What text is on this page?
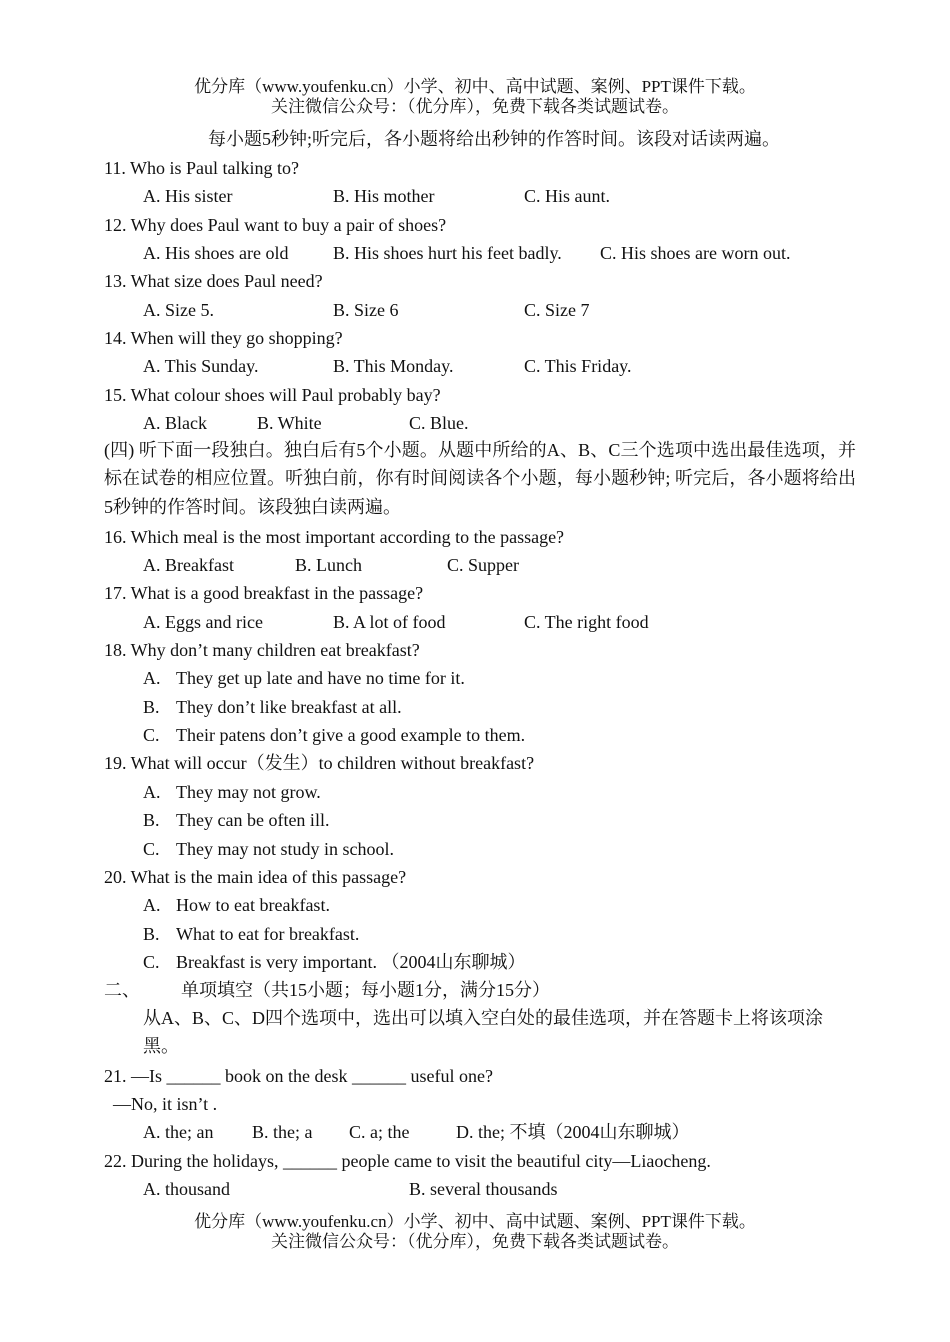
优分库（www.youfenku.cn）小学、初中、高中试题、案例、PPT课件下载。
关注微信公众号：（优分库），免费下载各类试题试卷。
每小题5秒钟;听完后，各小题将给出秒钟的作答时间。该段对话读两遍。
11. Who is Paul talking to?
A. His sister	B. His mother	C. His aunt.
12. Why does Paul want to buy a pair of shoes?
A. His shoes are old B. His shoes hurt his feet badly. C. His shoes are worn out.
13. What size does Paul need?
A. Size 5.	B. Size 6	C. Size 7
14. When will they go shopping?
A. This Sunday.	B. This Monday.	C. This Friday.
15. What colour shoes will Paul probably bay?
A. Black	B. White	C. Blue.
(四) 听下面一段独白。独白后有5个小题。从题中所给的A、B、C三个选项中选出最佳选项，并标在试卷的相应位置。听独白前，你有时间阅读各个小题，每小题秒钟; 听完后，各小题将给出5秒钟的作答时间。该段独白读两遍。
16. Which meal is the most important according to the passage?
A. Breakfast	B. Lunch	C. Supper
17. What is a good breakfast in the passage?
A. Eggs and rice	B. A lot of food	C. The right food
18. Why don’t many children eat breakfast?
A. They get up late and have no time for it.
B. They don’t like breakfast at all.
C. Their patens don’t give a good example to them.
19. What will occur（发生）to children without breakfast?
A. They may not grow.
B. They can be often ill.
C. They may not study in school.
20. What is the main idea of this passage?
A. How to eat breakfast.
B. What to eat for breakfast.
C. Breakfast is very important. （2004山东聊城）
二、 单项填空（共15小题；每小题1分，满分15分）
从A、B、C、D四个选项中，选出可以填入空白处的最佳选项，并在答题卡上将该项涂黑。
21. —Is ______ book on the desk ______ useful one?
—No, it isn’t .
A. the; an B. the; a C. a; the	D. the; 不填（2004山东聊城）
22. During the holidays, ______ people came to visit the beautiful city—Liaocheng.
A. thousand	B. several thousands
优分库（www.youfenku.cn）小学、初中、高中试题、案例、PPT课件下载。
关注微信公众号：（优分库），免费下载各类试题试卷。
